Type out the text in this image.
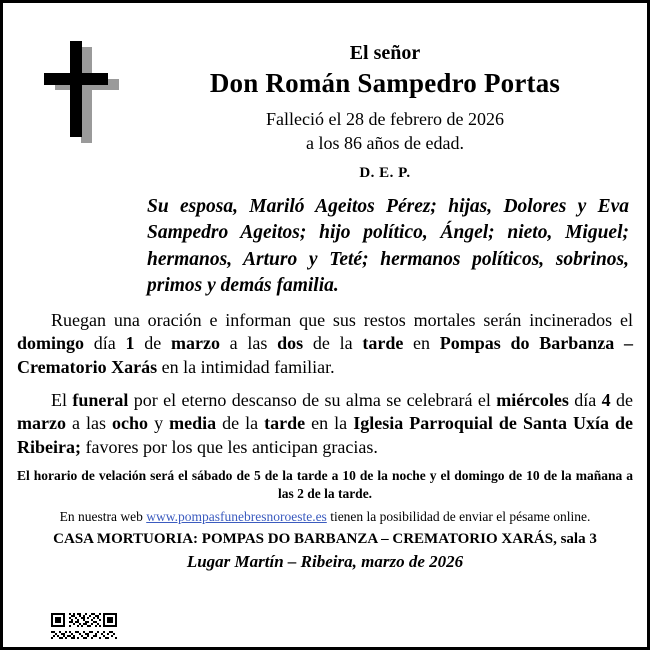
El señor
Don Román Sampedro Portas
Falleció el 28 de febrero de 2026
a los 86 años de edad.
D. E. P.
Su esposa, Mariló Ageitos Pérez; hijas, Dolores y Eva Sampedro Ageitos; hijo político, Ángel; nieto, Miguel; hermanos, Arturo y Teté; hermanos políticos, sobrinos, primos y demás familia.
Ruegan una oración e informan que sus restos mortales serán incinerados el domingo día 1 de marzo a las dos de la tarde en Pompas do Barbanza – Crematorio Xarás en la intimidad familiar.
El funeral por el eterno descanso de su alma se celebrará el miércoles día 4 de marzo a las ocho y media de la tarde en la Iglesia Parroquial de Santa Uxía de Ribeira; favores por los que les anticipan gracias.
El horario de velación será el sábado de 5 de la tarde a 10 de la noche y el domingo de 10 de la mañana a las 2 de la tarde.
En nuestra web www.pompasfunebresnoroeste.es tienen la posibilidad de enviar el pésame online.
CASA MORTUORIA: POMPAS DO BARBANZA – CREMATORIO XARÁS, sala 3
Lugar Martín – Ribeira, marzo de 2026
